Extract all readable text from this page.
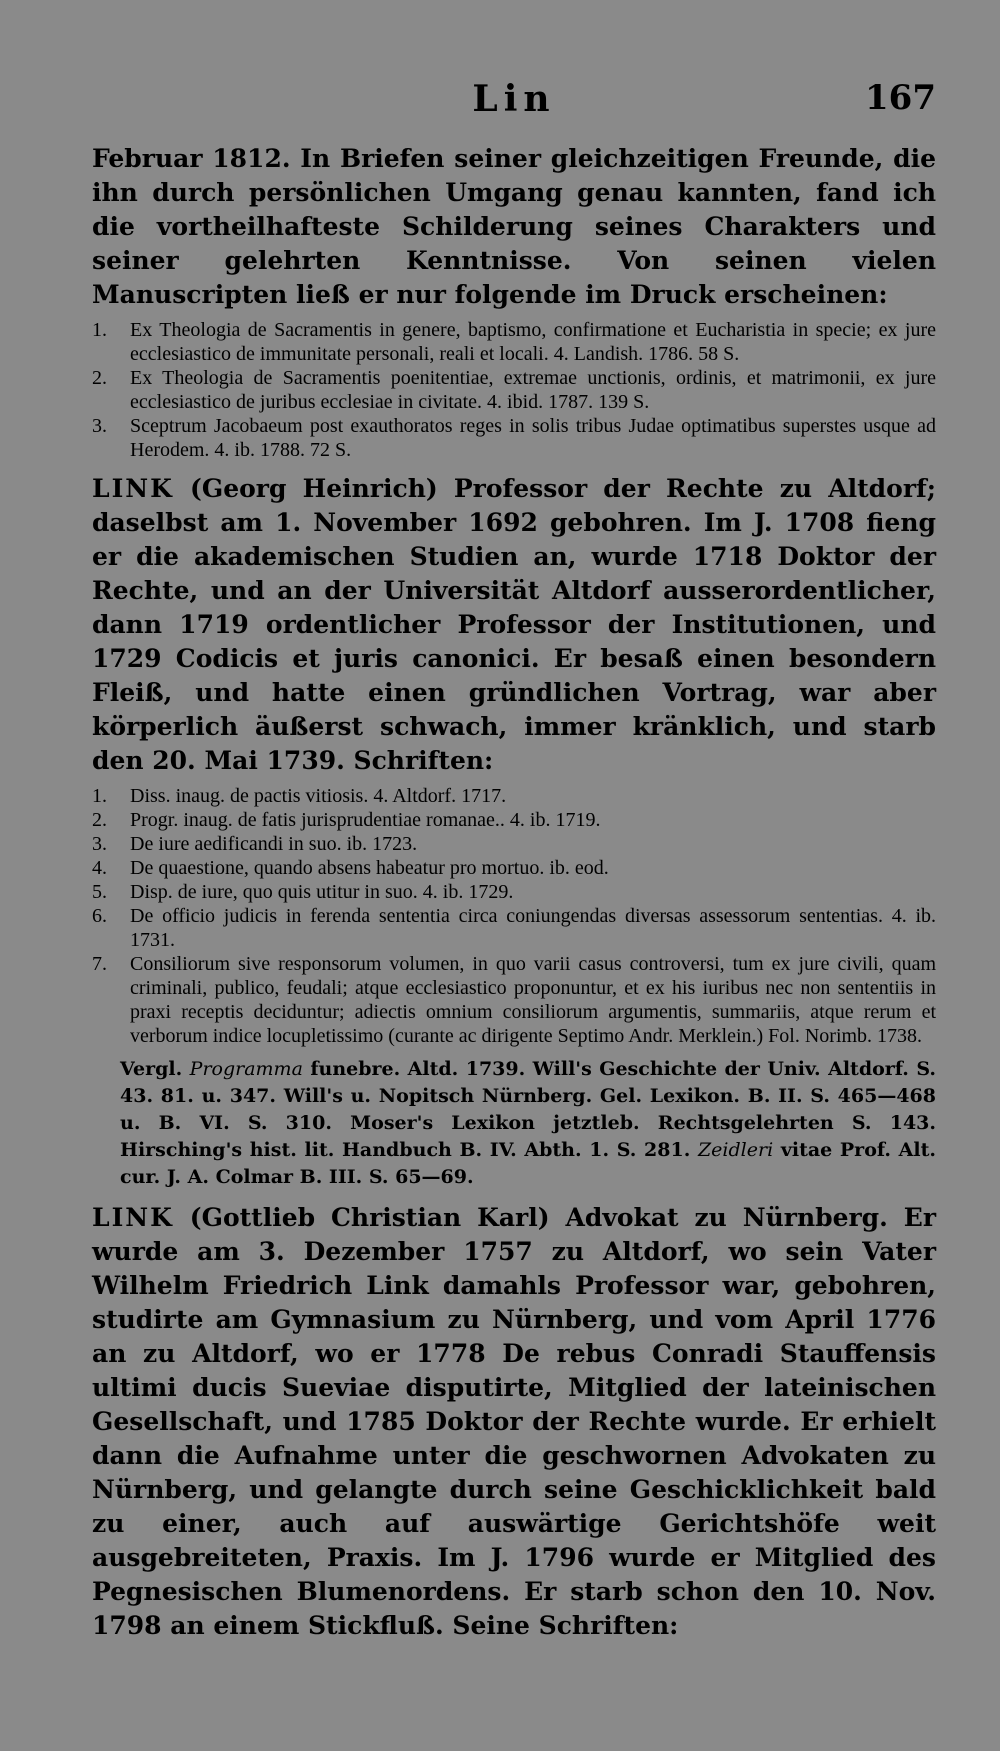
Lin	167

Februar 1812. In Briefen seiner gleichzeitigen Freunde, die ihn durch persönlichen Umgang genau kannten, fand ich die vortheilhafteste Schilderung seines Charakters und seiner gelehrten Kenntnisse. Von seinen vielen Manuscripten ließ er nur folgende im Druck erscheinen:

1.	Ex Theologia de Sacramentis in genere, baptismo, confirmatione et Eucharistia in specie; ex jure ecclesiastico de immunitate personali, reali et locali. 4. Landish. 1786. 58 S.
2.	Ex Theologia de Sacramentis poenitentiae, extremae unctionis, ordinis, et matrimonii, ex jure ecclesiastico de juribus ecclesiae in civitate. 4. ibid. 1787. 139 S.
3.	Sceptrum Jacobaeum post exauthoratos reges in solis tribus Judae optimatibus superstes usque ad Herodem. 4. ib. 1788. 72 S.

LINK (Georg Heinrich) Professor der Rechte zu Altdorf; daselbst am 1. November 1692 gebohren. Im J. 1708 fieng er die akademischen Studien an, wurde 1718 Doktor der Rechte, und an der Universität Altdorf ausserordentlicher, dann 1719 ordentlicher Professor der Institutionen, und 1729 Codicis et juris canonici. Er besaß einen besondern Fleiß, und hatte einen gründlichen Vortrag, war aber körperlich äußerst schwach, immer kränklich, und starb den 20. Mai 1739. Schriften:

1.	Diss. inaug. de pactis vitiosis. 4. Altdorf. 1717.
2.	Progr. inaug. de fatis jurisprudentiae romanae.. 4. ib. 1719.
3.	De iure aedificandi in suo. ib. 1723.
4.	De quaestione, quando absens habeatur pro mortuo. ib. eod.
5.	Disp. de iure, quo quis utitur in suo. 4. ib. 1729.
6.	De officio judicis in ferenda sententia circa coniungendas diversas assessorum sententias. 4. ib. 1731.
7.	Consiliorum sive responsorum volumen, in quo varii casus controversi, tum ex jure civili, quam criminali, publico, feudali; atque ecclesiastico proponuntur, et ex his iuribus nec non sententiis in praxi receptis deciduntur; adiectis omnium consiliorum argumentis, summariis, atque rerum et verborum indice locupletissimo (curante ac dirigente Septimo Andr. Merklein.) Fol. Norimb. 1738.

Vergl. Programma funebre. Altd. 1739. Will's Geschichte der Univ. Altdorf. S. 43. 81. u. 347. Will's u. Nopitsch Nürnberg. Gel. Lexikon. B. II. S. 465—468 u. B. VI. S. 310. Moser's Lexikon jetztleb. Rechtsgelehrten S. 143. Hirsching's hist. lit. Handbuch B. IV. Abth. 1. S. 281. Zeidleri vitae Prof. Alt. cur. J. A. Colmar B. III. S. 65—69.

LINK (Gottlieb Christian Karl) Advokat zu Nürnberg. Er wurde am 3. Dezember 1757 zu Altdorf, wo sein Vater Wilhelm Friedrich Link damahls Professor war, gebohren, studirte am Gymnasium zu Nürnberg, und vom April 1776 an zu Altdorf, wo er 1778 De rebus Conradi Stauffensis ultimi ducis Sueviae disputirte, Mitglied der lateinischen Gesellschaft, und 1785 Doktor der Rechte wurde. Er erhielt dann die Aufnahme unter die geschwornen Advokaten zu Nürnberg, und gelangte durch seine Geschicklichkeit bald zu einer, auch auf auswärtige Gerichtshöfe weit ausgebreiteten, Praxis. Im J. 1796 wurde er Mitglied des Pegnesischen Blumenordens. Er starb schon den 10. Nov. 1798 an einem Stickfluß. Seine Schriften:
